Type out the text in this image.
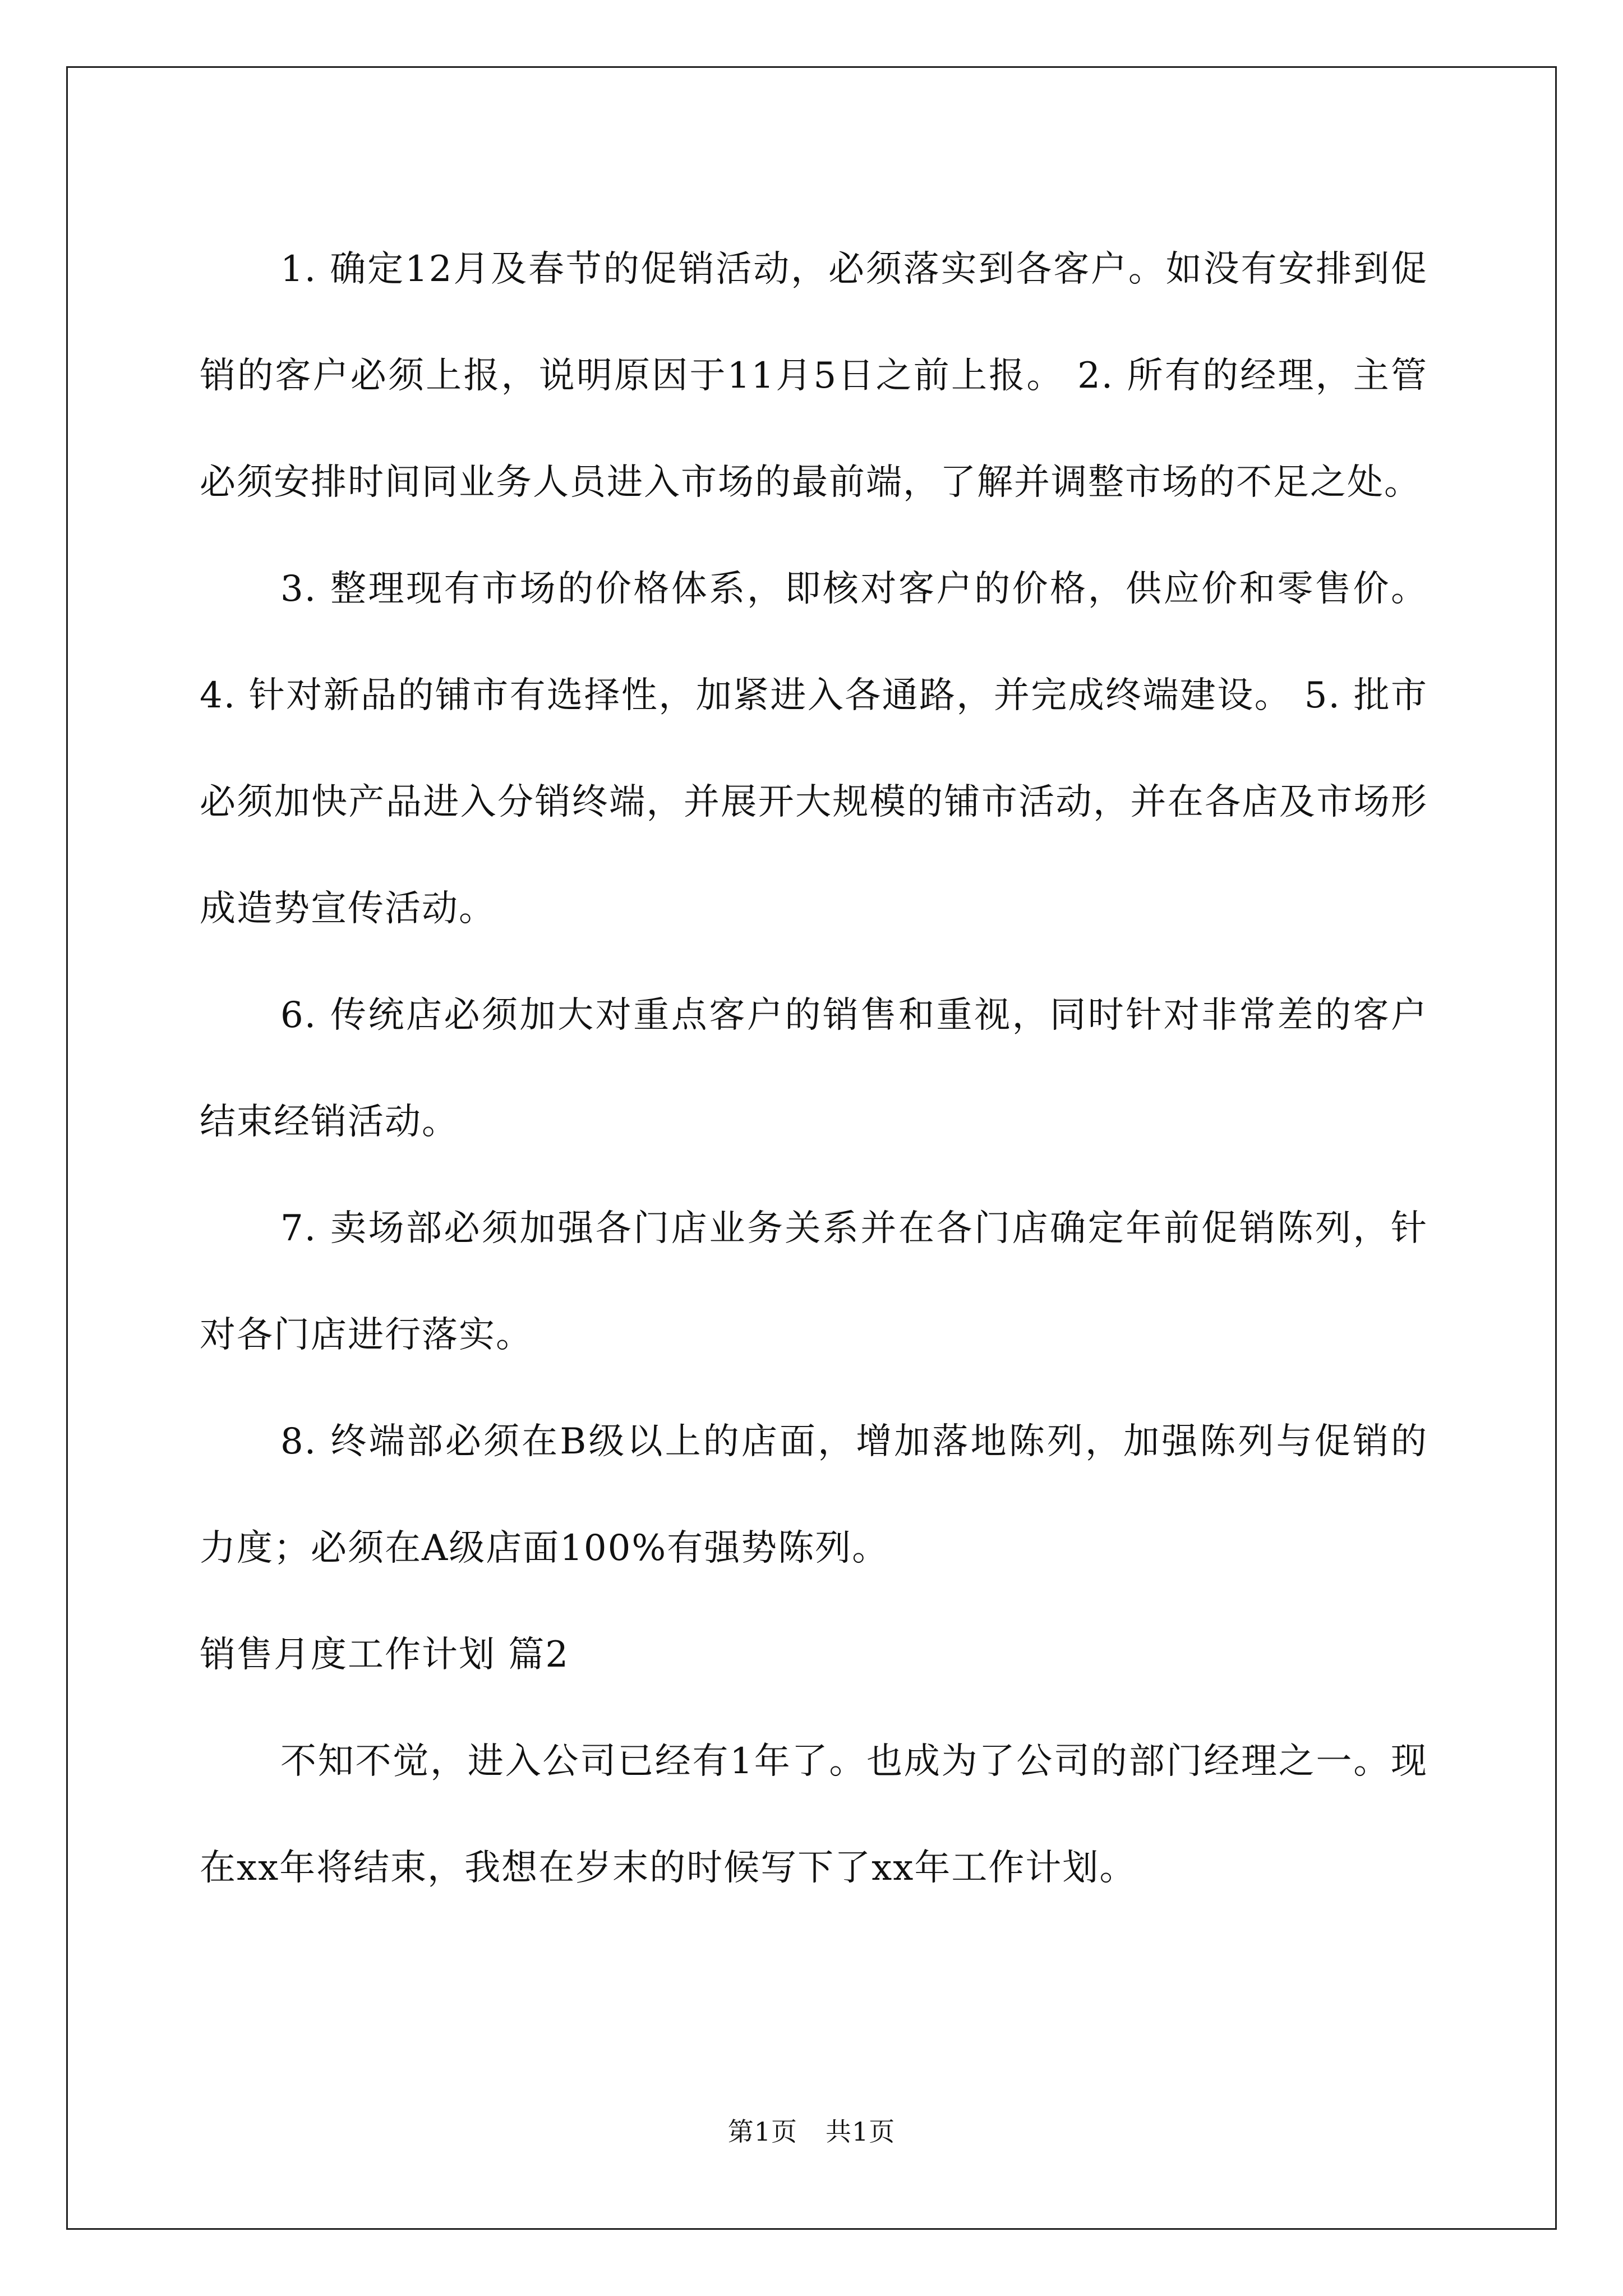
1. 确定12月及春节的促销活动，必须落实到各客户。如没有安排到促销的客户必须上报，说明原因于11月5日之前上报。 2. 所有的经理，主管必须安排时间同业务人员进入市场的最前端，了解并调整市场的不足之处。

3. 整理现有市场的价格体系，即核对客户的价格，供应价和零售价。 4. 针对新品的铺市有选择性，加紧进入各通路，并完成终端建设。 5. 批市必须加快产品进入分销终端，并展开大规模的铺市活动，并在各店及市场形成造势宣传活动。

6. 传统店必须加大对重点客户的销售和重视，同时针对非常差的客户结束经销活动。

7. 卖场部必须加强各门店业务关系并在各门店确定年前促销陈列，针对各门店进行落实。

8. 终端部必须在B级以上的店面，增加落地陈列，加强陈列与促销的力度；必须在A级店面100%有强势陈列。

销售月度工作计划 篇2

不知不觉，进入公司已经有1年了。也成为了公司的部门经理之一。现在xx年将结束，我想在岁末的时候写下了xx年工作计划。

第1页 共1页
